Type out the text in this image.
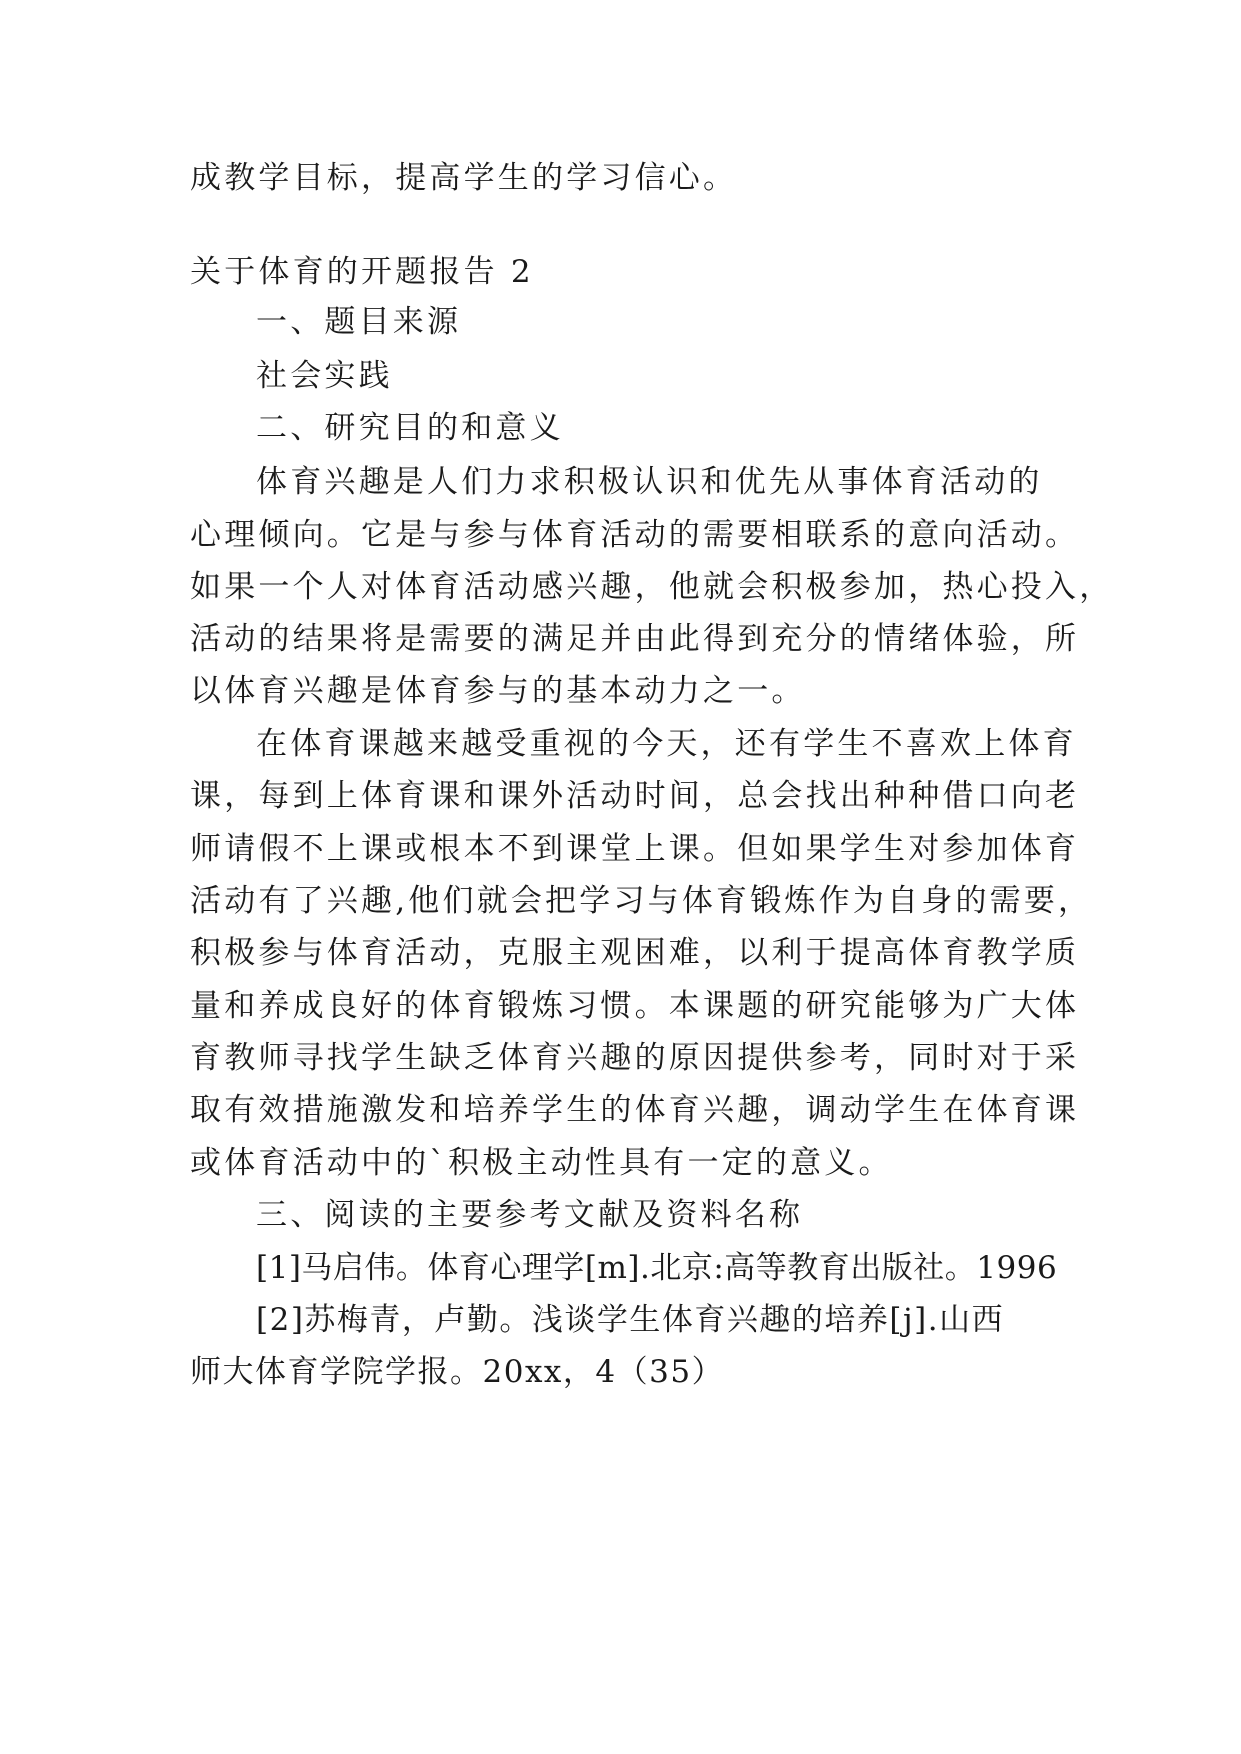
成教学目标，提高学生的学习信心。
关于体育的开题报告 2
一、题目来源
社会实践
二、研究目的和意义
体育兴趣是人们力求积极认识和优先从事体育活动的
心理倾向。它是与参与体育活动的需要相联系的意向活动。
如果一个人对体育活动感兴趣，他就会积极参加，热心投入，
活动的结果将是需要的满足并由此得到充分的情绪体验，所
以体育兴趣是体育参与的基本动力之一。
在体育课越来越受重视的今天，还有学生不喜欢上体育
课，每到上体育课和课外活动时间，总会找出种种借口向老
师请假不上课或根本不到课堂上课。但如果学生对参加体育
活动有了兴趣,他们就会把学习与体育锻炼作为自身的需要，
积极参与体育活动，克服主观困难，以利于提高体育教学质
量和养成良好的体育锻炼习惯。本课题的研究能够为广大体
育教师寻找学生缺乏体育兴趣的原因提供参考，同时对于采
取有效措施激发和培养学生的体育兴趣，调动学生在体育课
或体育活动中的`积极主动性具有一定的意义。
三、阅读的主要参考文献及资料名称
[1]马启伟。体育心理学[m].北京:高等教育出版社。1996
[2]苏梅青，卢勤。浅谈学生体育兴趣的培养[j].山西
师大体育学院学报。20xx，4（35）
